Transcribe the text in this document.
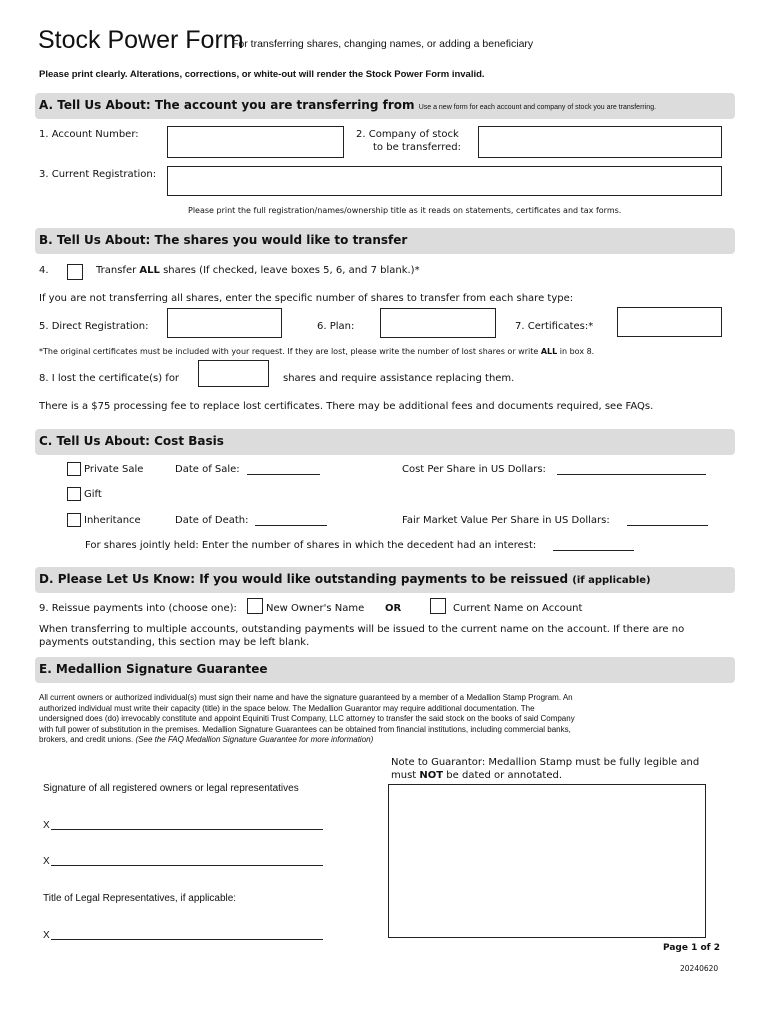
Stock Power Form
For transferring shares, changing names, or adding a beneficiary
Please print clearly. Alterations, corrections, or white-out will render the Stock Power Form invalid.
A. Tell Us About: The account you are transferring from Use a new form for each account and company of stock you are transferring.
1. Account Number:	2. Company of stock
to be transferred:
3. Current Registration:
Please print the full registration/names/ownership title as it reads on statements, certificates and tax forms.
B. Tell Us About: The shares you would like to transfer
4.	Transfer ALL shares (If checked, leave boxes 5, 6, and 7 blank.)*
If you are not transferring all shares, enter the specific number of shares to transfer from each share type:
5. Direct Registration:	6. Plan:	7. Certificates:*
*The original certificates must be included with your request. If they are lost, please write the number of lost shares or write ALL in box 8.
8. I lost the certificate(s) for	shares and require assistance replacing them.
There is a $75 processing fee to replace lost certificates. There may be additional fees and documents required, see FAQs.
C. Tell Us About: Cost Basis
Private Sale	Date of Sale:	Cost Per Share in US Dollars:
Gift
Inheritance	Date of Death:	Fair Market Value Per Share in US Dollars:
For shares jointly held: Enter the number of shares in which the decedent had an interest:
D. Please Let Us Know: If you would like outstanding payments to be reissued (if applicable)
9. Reissue payments into (choose one):	New Owner's Name OR	Current Name on Account
When transferring to multiple accounts, outstanding payments will be issued to the current name on the account. If there are no
payments outstanding, this section may be left blank.
E. Medallion Signature Guarantee
All current owners or authorized individual(s) must sign their name and have the signature guaranteed by a member of a Medallion Stamp Program. An
authorized individual must write their capacity (title) in the space below. The Medallion Guarantor may require additional documentation. The
undersigned does (do) irrevocably constitute and appoint Equiniti Trust Company, LLC attorney to transfer the said stock on the books of said Company
with full power of substitution in the premises. Medallion Signature Guarantees can be obtained from financial institutions, including commercial banks,
brokers, and credit unions. (See the FAQ Medallion Signature Guarantee for more information)
Note to Guarantor: Medallion Stamp must be fully legible and
must NOT be dated or annotated.
Signature of all registered owners or legal representatives
X
X
Title of Legal Representatives, if applicable:
X
Page 1 of 2
20240620
